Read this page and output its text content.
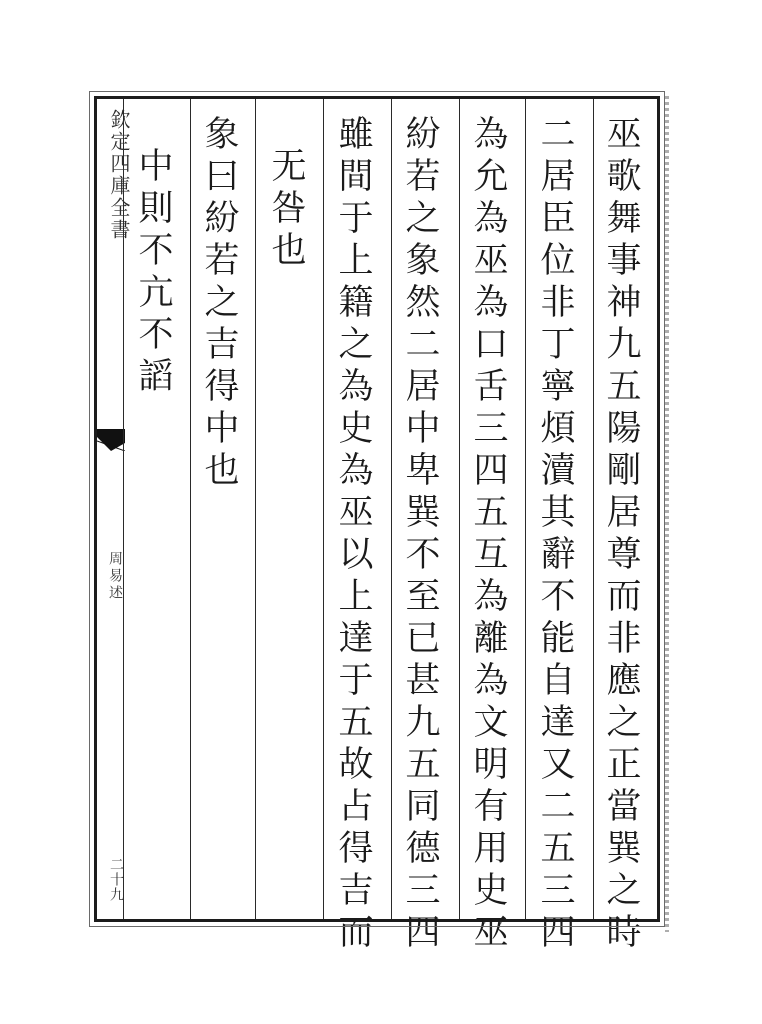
欽定四庫全書
周易述
二十九	巫歌舞事神九五陽剛居尊而非應之正當巽之時
二居臣位非丁寧煩瀆其辭不能自達又二五三四
為允為巫為口舌三四五互為離為文明有用史巫
紛若之象然二居中卑巽不至已甚九五同德三四
雖間于上籍之為史為巫以上達于五故占得吉而
无咎也
象曰紛若之吉得中也
中則不亢不謟
